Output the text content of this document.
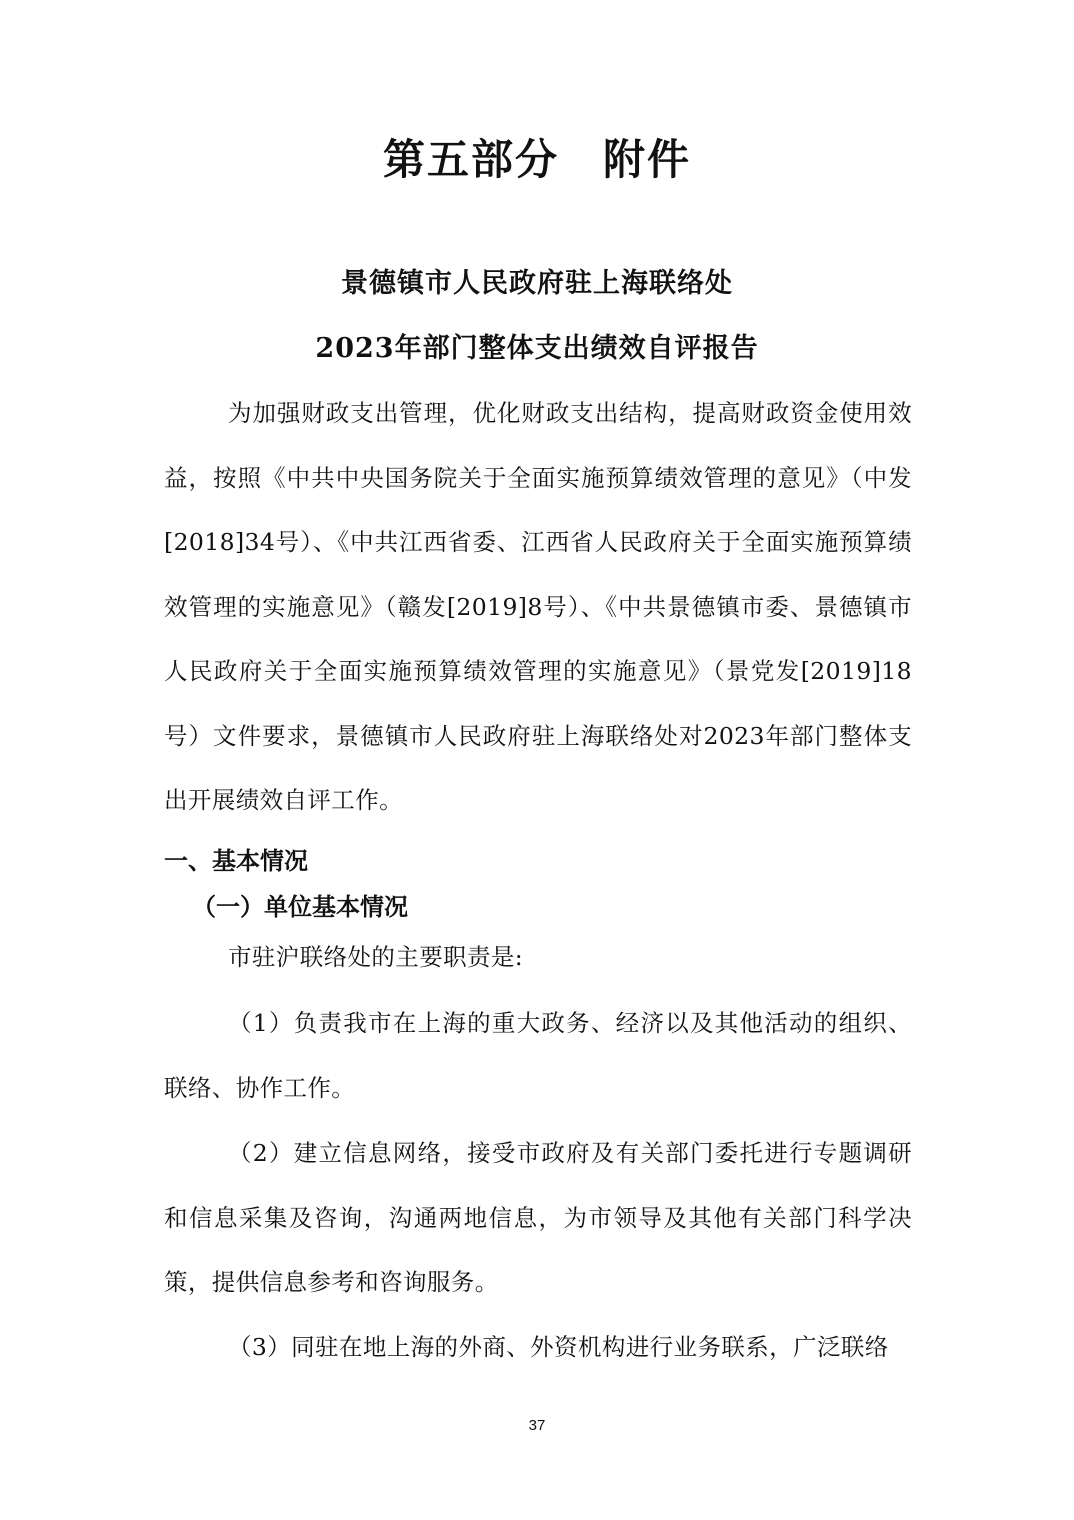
第五部分　附件
景德镇市人民政府驻上海联络处
2023年部门整体支出绩效自评报告
为加强财政支出管理，优化财政支出结构，提高财政资金使用效益，按照《中共中央国务院关于全面实施预算绩效管理的意见》（中发[2018]34号）、《中共江西省委、江西省人民政府关于全面实施预算绩效管理的实施意见》（赣发[2019]8号）、《中共景德镇市委、景德镇市人民政府关于全面实施预算绩效管理的实施意见》（景党发[2019]18号）文件要求，景德镇市人民政府驻上海联络处对2023年部门整体支出开展绩效自评工作。
一、基本情况
（一）单位基本情况
市驻沪联络处的主要职责是:
（1）负责我市在上海的重大政务、经济以及其他活动的组织、联络、协作工作。
（2）建立信息网络，接受市政府及有关部门委托进行专题调研和信息采集及咨询，沟通两地信息，为市领导及其他有关部门科学决策，提供信息参考和咨询服务。
（3）同驻在地上海的外商、外资机构进行业务联系，广泛联络
37
